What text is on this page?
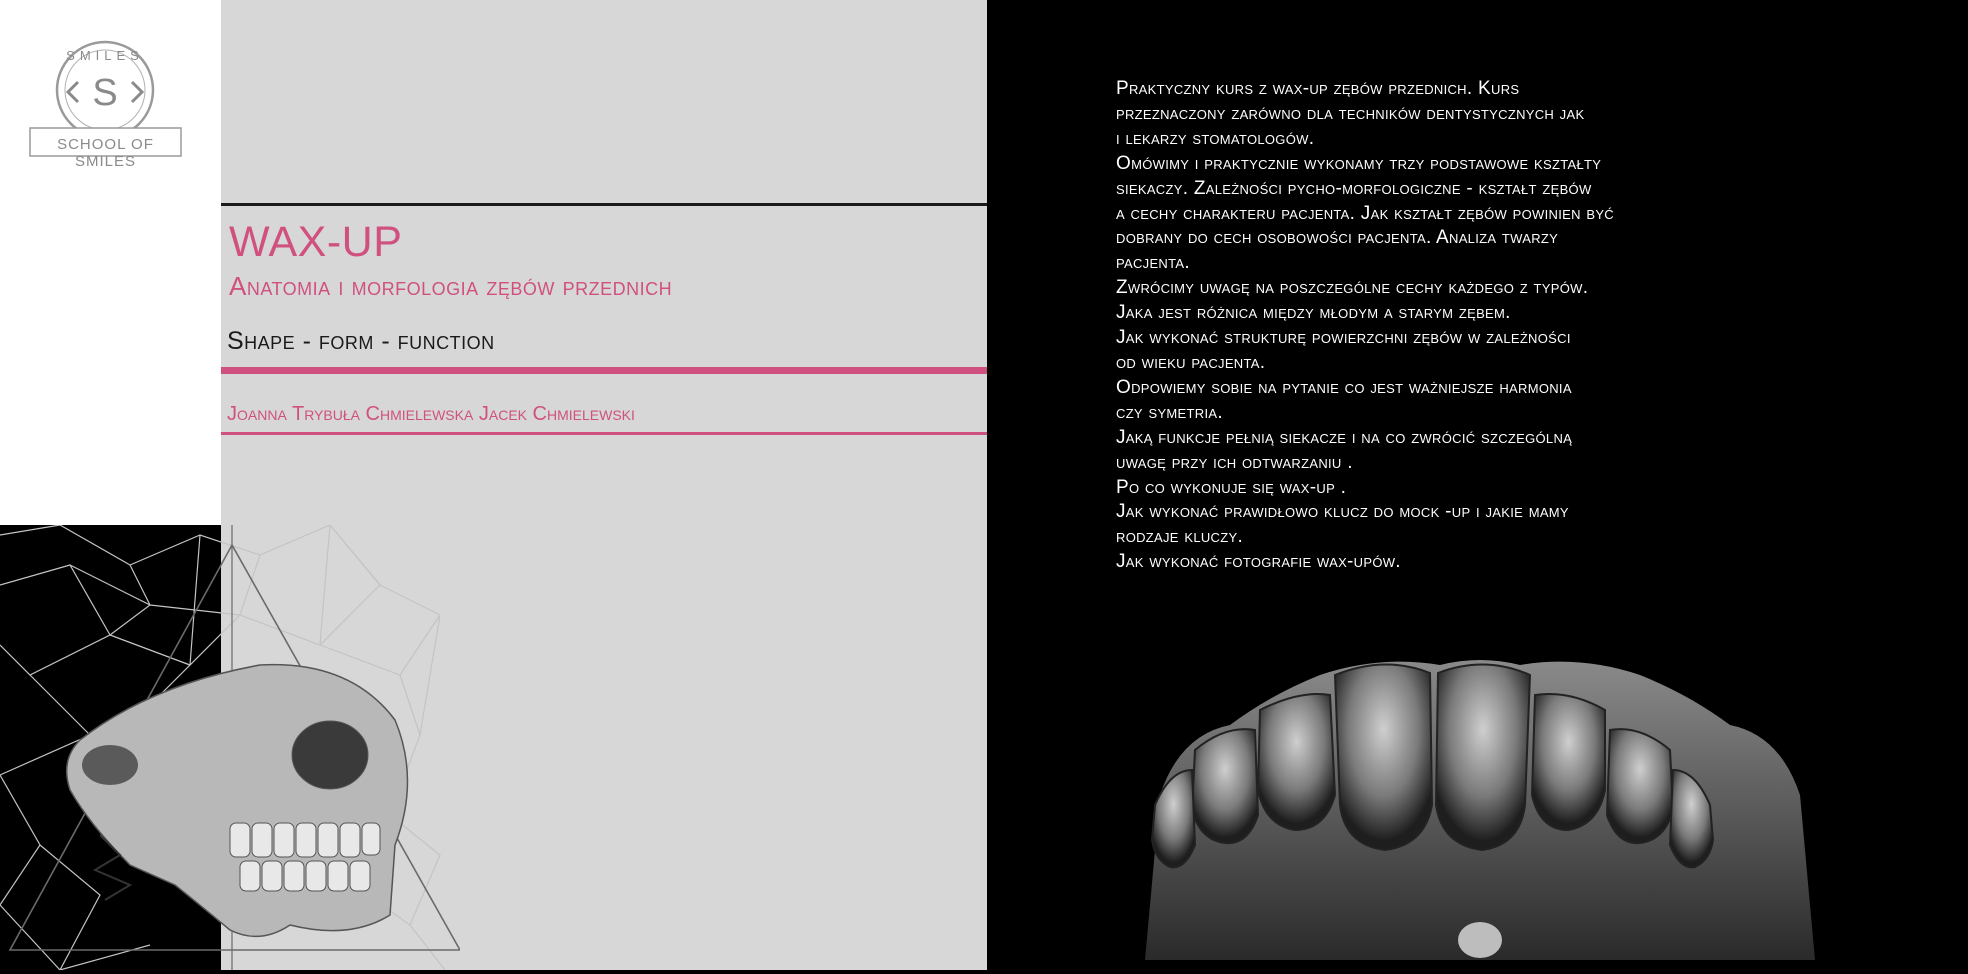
SMILES
S
SCHOOL OF SMILES
WAX-UP
Anatomia i morfologia zębów przednich
Shape - form - function
Joanna Trybuła Chmielewska Jacek Chmielewski
Praktyczny kurs z wax-up zębów przednich. Kurs
przeznaczony zarówno dla techników dentystycznych jak
i lekarzy stomatologów.
Omówimy i praktycznie wykonamy trzy podstawowe kształty
siekaczy. Zależności pycho-morfologiczne - kształt zębów
a cechy charakteru pacjenta. Jak kształt zębów powinien być
dobrany do cech osobowości pacjenta. Analiza twarzy
pacjenta.
Zwrócimy uwagę na poszczególne cechy każdego z typów.
Jaka jest różnica między młodym a starym zębem.
Jak wykonać strukturę powierzchni zębów w zależności
od wieku pacjenta.
Odpowiemy sobie na pytanie co jest ważniejsze harmonia
czy symetria.
Jaką funkcje pełnią siekacze i na co zwrócić szczególną
uwagę przy ich odtwarzaniu .
Po co wykonuje się wax-up .
Jak wykonać prawidłowo klucz do mock -up i jakie mamy
rodzaje kluczy.
Jak wykonać fotografie wax-upów.
